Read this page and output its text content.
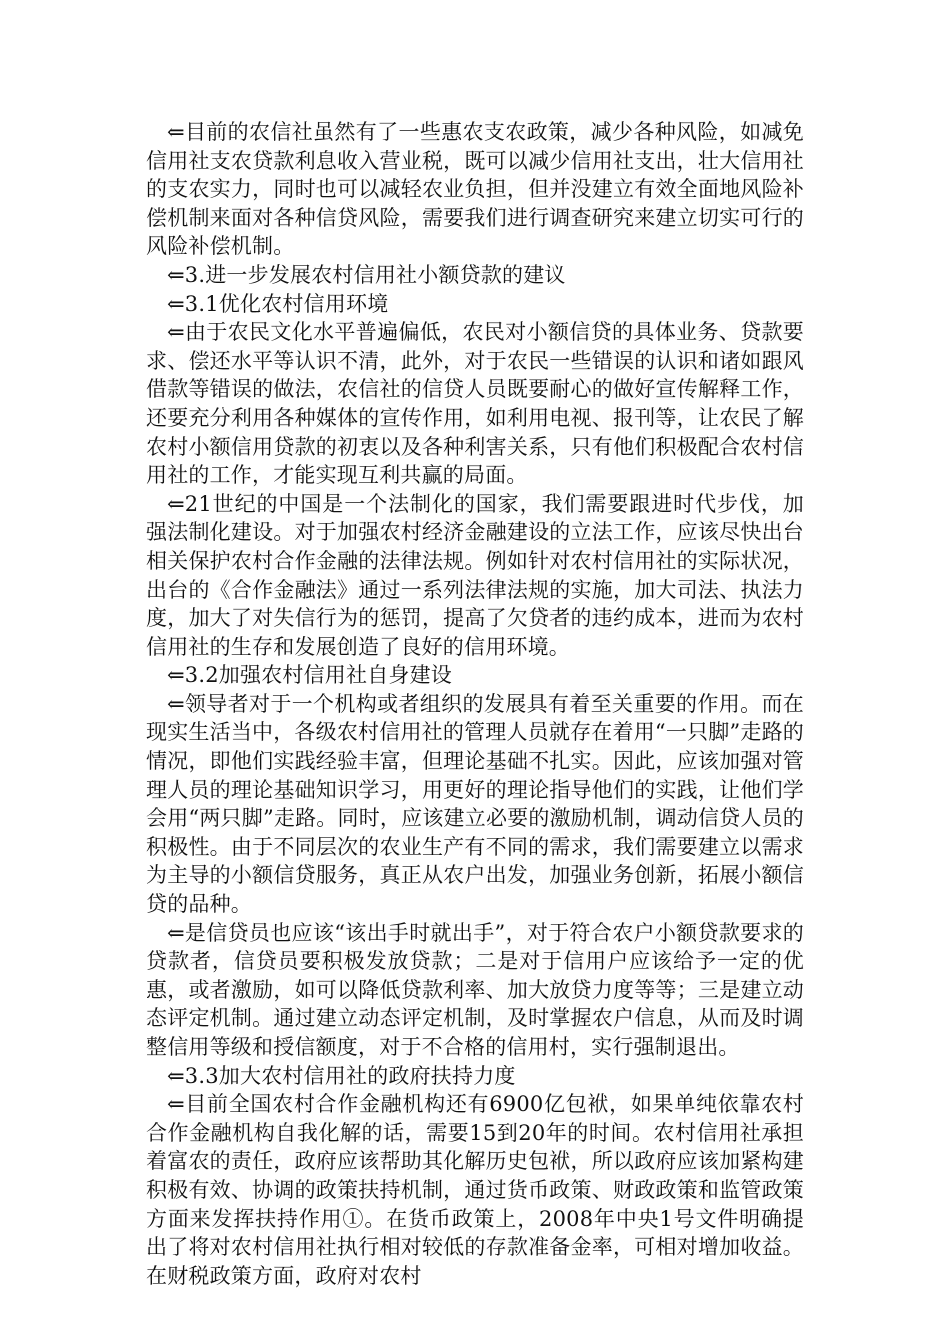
⇐目前的农信社虽然有了一些惠农支农政策，减少各种风险，如减免信用社支农贷款利息收入营业税，既可以减少信用社支出，壮大信用社的支农实力，同时也可以减轻农业负担，但并没建立有效全面地风险补偿机制来面对各种信贷风险，需要我们进行调查研究来建立切实可行的风险补偿机制。

⇐3.进一步发展农村信用社小额贷款的建议

⇐3.1优化农村信用环境

⇐由于农民文化水平普遍偏低，农民对小额信贷的具体业务、贷款要求、偿还水平等认识不清，此外，对于农民一些错误的认识和诸如跟风借款等错误的做法，农信社的信贷人员既要耐心的做好宣传解释工作，还要充分利用各种媒体的宣传作用，如利用电视、报刊等，让农民了解农村小额信用贷款的初衷以及各种利害关系，只有他们积极配合农村信用社的工作，才能实现互利共赢的局面。

⇐21世纪的中国是一个法制化的国家，我们需要跟进时代步伐，加强法制化建设。对于加强农村经济金融建设的立法工作，应该尽快出台相关保护农村合作金融的法律法规。例如针对农村信用社的实际状况，出台的《合作金融法》通过一系列法律法规的实施，加大司法、执法力度，加大了对失信行为的惩罚，提高了欠贷者的违约成本，进而为农村信用社的生存和发展创造了良好的信用环境。

⇐3.2加强农村信用社自身建设

⇐领导者对于一个机构或者组织的发展具有着至关重要的作用。而在现实生活当中，各级农村信用社的管理人员就存在着用“一只脚”走路的情况，即他们实践经验丰富，但理论基础不扎实。因此，应该加强对管理人员的理论基础知识学习，用更好的理论指导他们的实践，让他们学会用“两只脚”走路。同时，应该建立必要的激励机制，调动信贷人员的积极性。由于不同层次的农业生产有不同的需求，我们需要建立以需求为主导的小额信贷服务，真正从农户出发，加强业务创新，拓展小额信贷的品种。

⇐是信贷员也应该“该出手时就出手”，对于符合农户小额贷款要求的贷款者，信贷员要积极发放贷款；二是对于信用户应该给予一定的优惠，或者激励，如可以降低贷款利率、加大放贷力度等等；三是建立动态评定机制。通过建立动态评定机制，及时掌握农户信息，从而及时调整信用等级和授信额度，对于不合格的信用村，实行强制退出。

⇐3.3加大农村信用社的政府扶持力度

⇐目前全国农村合作金融机构还有6900亿包袱，如果单纯依靠农村合作金融机构自我化解的话，需要15到20年的时间。农村信用社承担着富农的责任，政府应该帮助其化解历史包袱，所以政府应该加紧构建积极有效、协调的政策扶持机制，通过货币政策、财政政策和监管政策方面来发挥扶持作用①。在货币政策上，2008年中央1号文件明确提出了将对农村信用社执行相对较低的存款准备金率，可相对增加收益。在财税政策方面，政府对农村
